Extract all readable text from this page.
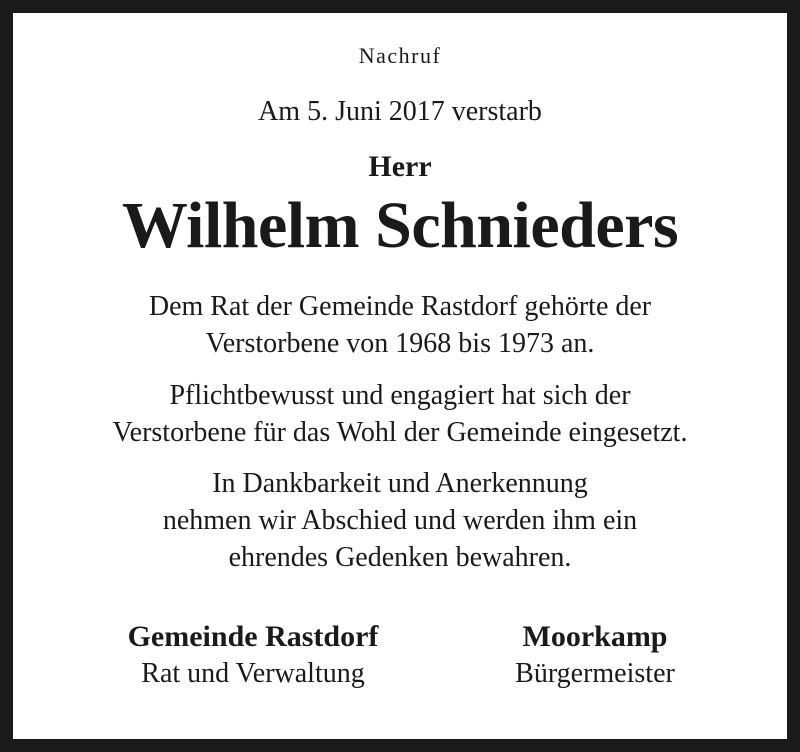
Nachruf
Am 5. Juni 2017 verstarb
Herr
Wilhelm Schnieders
Dem Rat der Gemeinde Rastdorf gehörte der
Verstorbene von 1968 bis 1973 an.
Pflichtbewusst und engagiert hat sich der
Verstorbene für das Wohl der Gemeinde eingesetzt.
In Dankbarkeit und Anerkennung
nehmen wir Abschied und werden ihm ein
ehrendes Gedenken bewahren.
Gemeinde Rastdorf
Rat und Verwaltung
Moorkamp
Bürgermeister
